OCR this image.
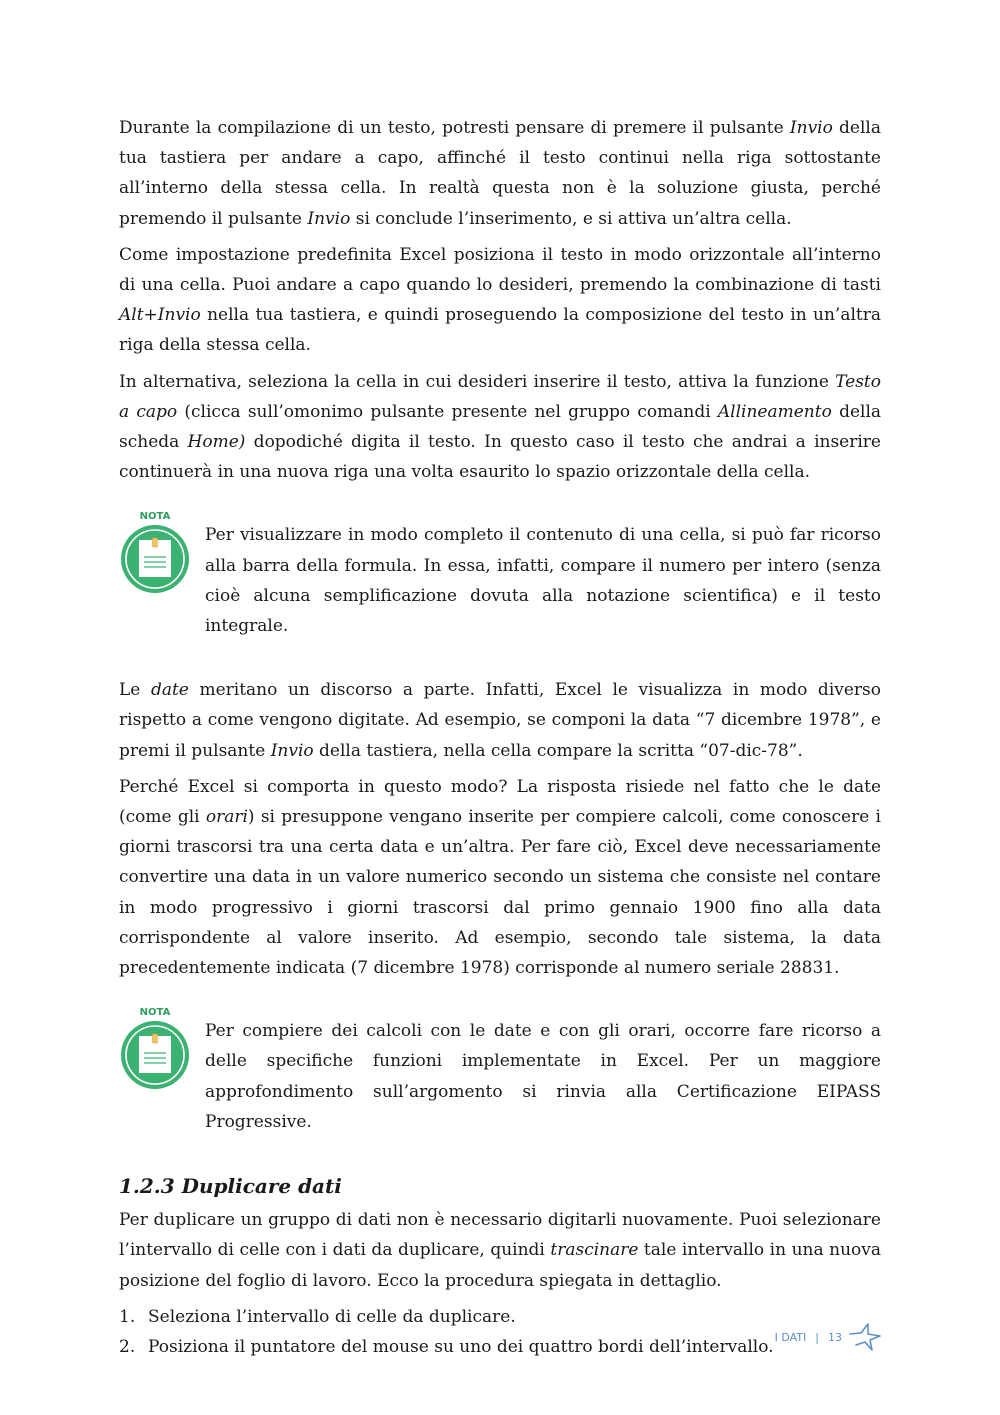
Durante la compilazione di un testo, potresti pensare di premere il pulsante Invio della tua tastiera per andare a capo, affinché il testo continui nella riga sottostante all’interno della stessa cella. In realtà questa non è la soluzione giusta, perché premendo il pulsante Invio si conclude l’inserimento, e si attiva un’altra cella.

Come impostazione predefinita Excel posiziona il testo in modo orizzontale all’interno di una cella. Puoi andare a capo quando lo desideri, premendo la combinazione di tasti Alt+Invio nella tua tastiera, e quindi proseguendo la composizione del testo in un’altra riga della stessa cella.

In alternativa, seleziona la cella in cui desideri inserire il testo, attiva la funzione Testo a capo (clicca sull’omonimo pulsante presente nel gruppo comandi Allineamento della scheda Home) dopodiché digita il testo. In questo caso il testo che andrai a inserire continuerà in una nuova riga una volta esaurito lo spazio orizzontale della cella.

NOTA

Per visualizzare in modo completo il contenuto di una cella, si può far ricorso alla barra della formula. In essa, infatti, compare il numero per intero (senza cioè alcuna semplificazione dovuta alla notazione scientifica) e il testo integrale.

Le date meritano un discorso a parte. Infatti, Excel le visualizza in modo diverso rispetto a come vengono digitate. Ad esempio, se componi la data “7 dicembre 1978”, e premi il pulsante Invio della tastiera, nella cella compare la scritta “07-dic-78”.

Perché Excel si comporta in questo modo? La risposta risiede nel fatto che le date (come gli orari) si presuppone vengano inserite per compiere calcoli, come conoscere i giorni trascorsi tra una certa data e un’altra. Per fare ciò, Excel deve necessariamente convertire una data in un valore numerico secondo un sistema che consiste nel contare in modo progressivo i giorni trascorsi dal primo gennaio 1900 fino alla data corrispondente al valore inserito. Ad esempio, secondo tale sistema, la data precedentemente indicata (7 dicembre 1978) corrisponde al numero seriale 28831.

NOTA

Per compiere dei calcoli con le date e con gli orari, occorre fare ricorso a delle specifiche funzioni implementate in Excel. Per un maggiore approfondimento sull’argomento si rinvia alla Certificazione EIPASS Progressive.

1.2.3 Duplicare dati

Per duplicare un gruppo di dati non è necessario digitarli nuovamente. Puoi selezionare l’intervallo di celle con i dati da duplicare, quindi trascinare tale intervallo in una nuova posizione del foglio di lavoro. Ecco la procedura spiegata in dettaglio.

1. Seleziona l’intervallo di celle da duplicare.
2. Posiziona il puntatore del mouse su uno dei quattro bordi dell’intervallo. I DATI | 13
